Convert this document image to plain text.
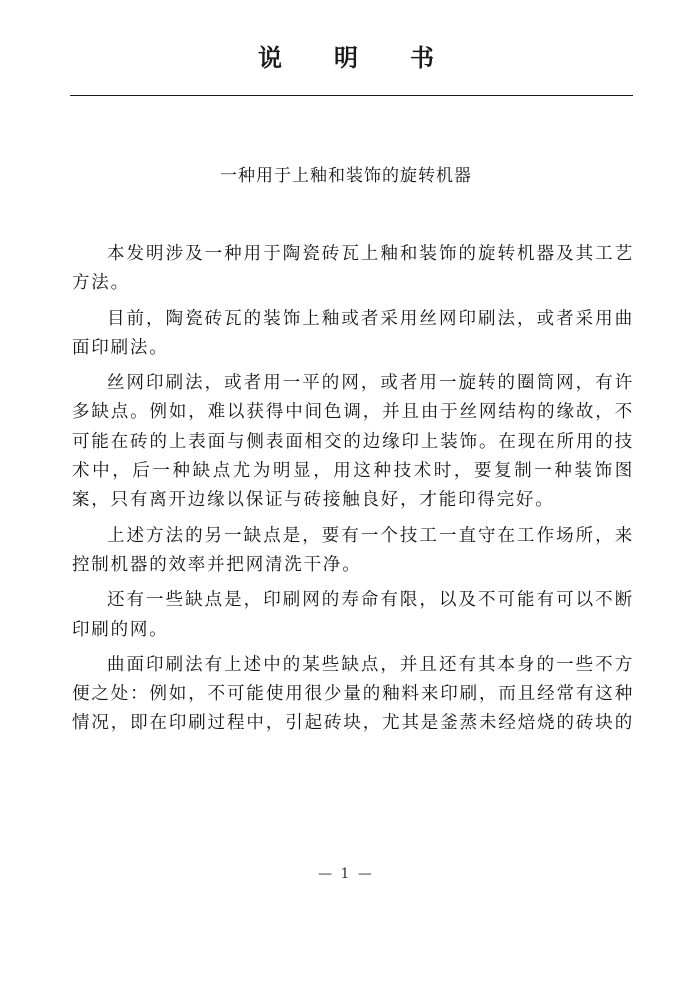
说明书
一种用于上釉和装饰的旋转机器

本发明涉及一种用于陶瓷砖瓦上釉和装饰的旋转机器及其工艺方法。

目前，陶瓷砖瓦的装饰上釉或者采用丝网印刷法，或者采用曲面印刷法。

丝网印刷法，或者用一平的网，或者用一旋转的圈筒网，有许多缺点。例如，难以获得中间色调，并且由于丝网结构的缘故，不可能在砖的上表面与侧表面相交的边缘印上装饰。在现在所用的技术中，后一种缺点尤为明显，用这种技术时，要复制一种装饰图案，只有离开边缘以保证与砖接触良好，才能印得完好。

上述方法的另一缺点是，要有一个技工一直守在工作场所，来控制机器的效率并把网清洗干净。

还有一些缺点是，印刷网的寿命有限，以及不可能有可以不断印刷的网。

曲面印刷法有上述中的某些缺点，并且还有其本身的一些不方便之处：例如，不可能使用很少量的釉料来印刷，而且经常有这种情况，即在印刷过程中，引起砖块，尤其是釜蒸未经焙烧的砖块的

— 1 —
